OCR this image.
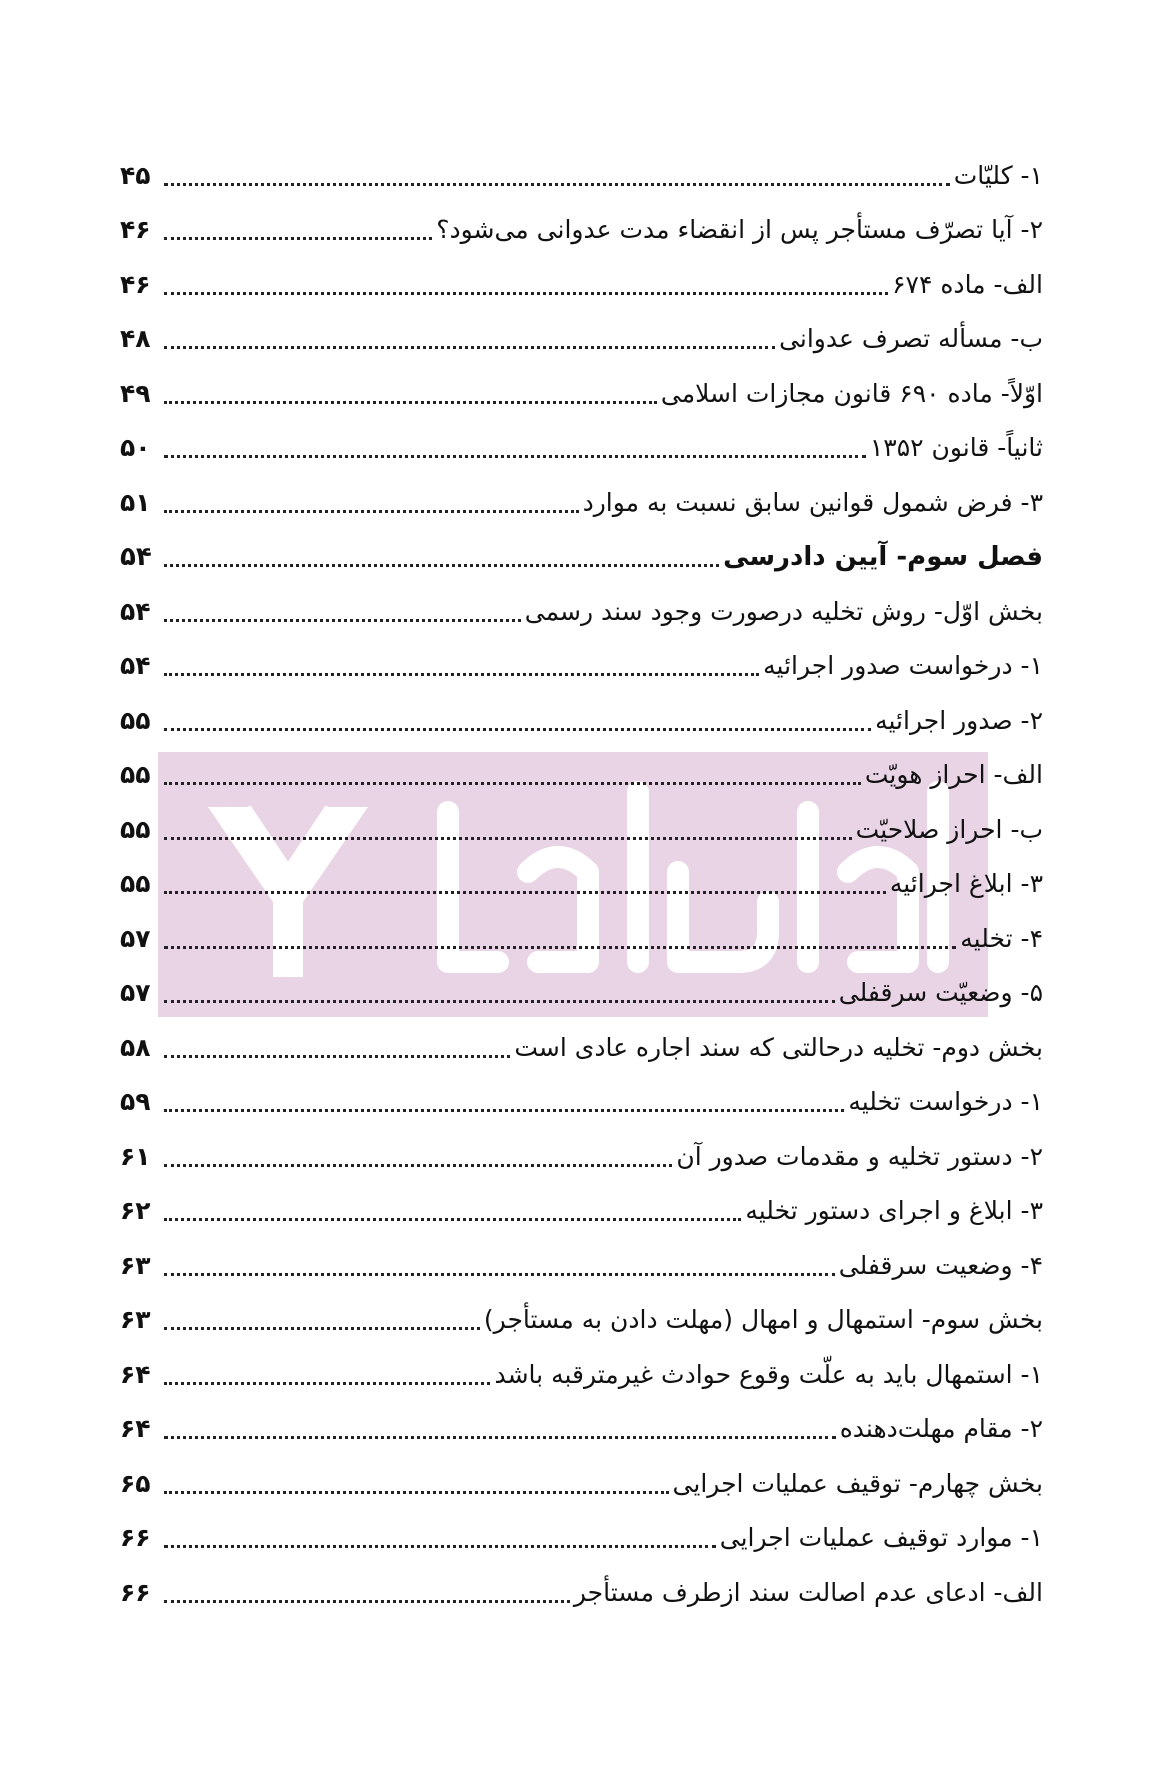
۱- کلیّات
۴۵
۲- آیا تصرّف مستأجر پس از انقضاء مدت عدوانی می‌شود؟
۴۶
الف- ماده ۶۷۴
۴۶
ب- مسأله تصرف عدوانی
۴۸
اوّلاً- ماده ۶۹۰ قانون مجازات اسلامی
۴۹
ثانیاً- قانون ۱۳۵۲
۵۰
۳- فرض شمول قوانین سابق نسبت به موارد
۵۱
فصل سوم- آیین دادرسی
۵۴
بخش اوّل- روش تخلیه درصورت وجود سند رسمی
۵۴
۱- درخواست صدور اجرائیه
۵۴
۲- صدور اجرائیه
۵۵
الف- احراز هویّت
۵۵
ب- احراز صلاحیّت
۵۵
۳- ابلاغ اجرائیه
۵۵
۴- تخلیه
۵۷
۵- وضعیّت سرقفلی
۵۷
بخش دوم- تخلیه درحالتی که سند اجاره عادی است
۵۸
۱- درخواست تخلیه
۵۹
۲- دستور تخلیه و مقدمات صدور آن
۶۱
۳- ابلاغ و اجرای دستور تخلیه
۶۲
۴- وضعیت سرقفلی
۶۳
بخش سوم- استمهال و امهال (مهلت دادن به مستأجر)
۶۳
۱- استمهال باید به علّت وقوع حوادث غیرمترقبه باشد
۶۴
۲- مقام مهلت‌دهنده
۶۴
بخش چهارم- توقیف عملیات اجرایی
۶۵
۱- موارد توقیف عملیات اجرایی
۶۶
الف- ادعای عدم اصالت سند ازطرف مستأجر
۶۶
